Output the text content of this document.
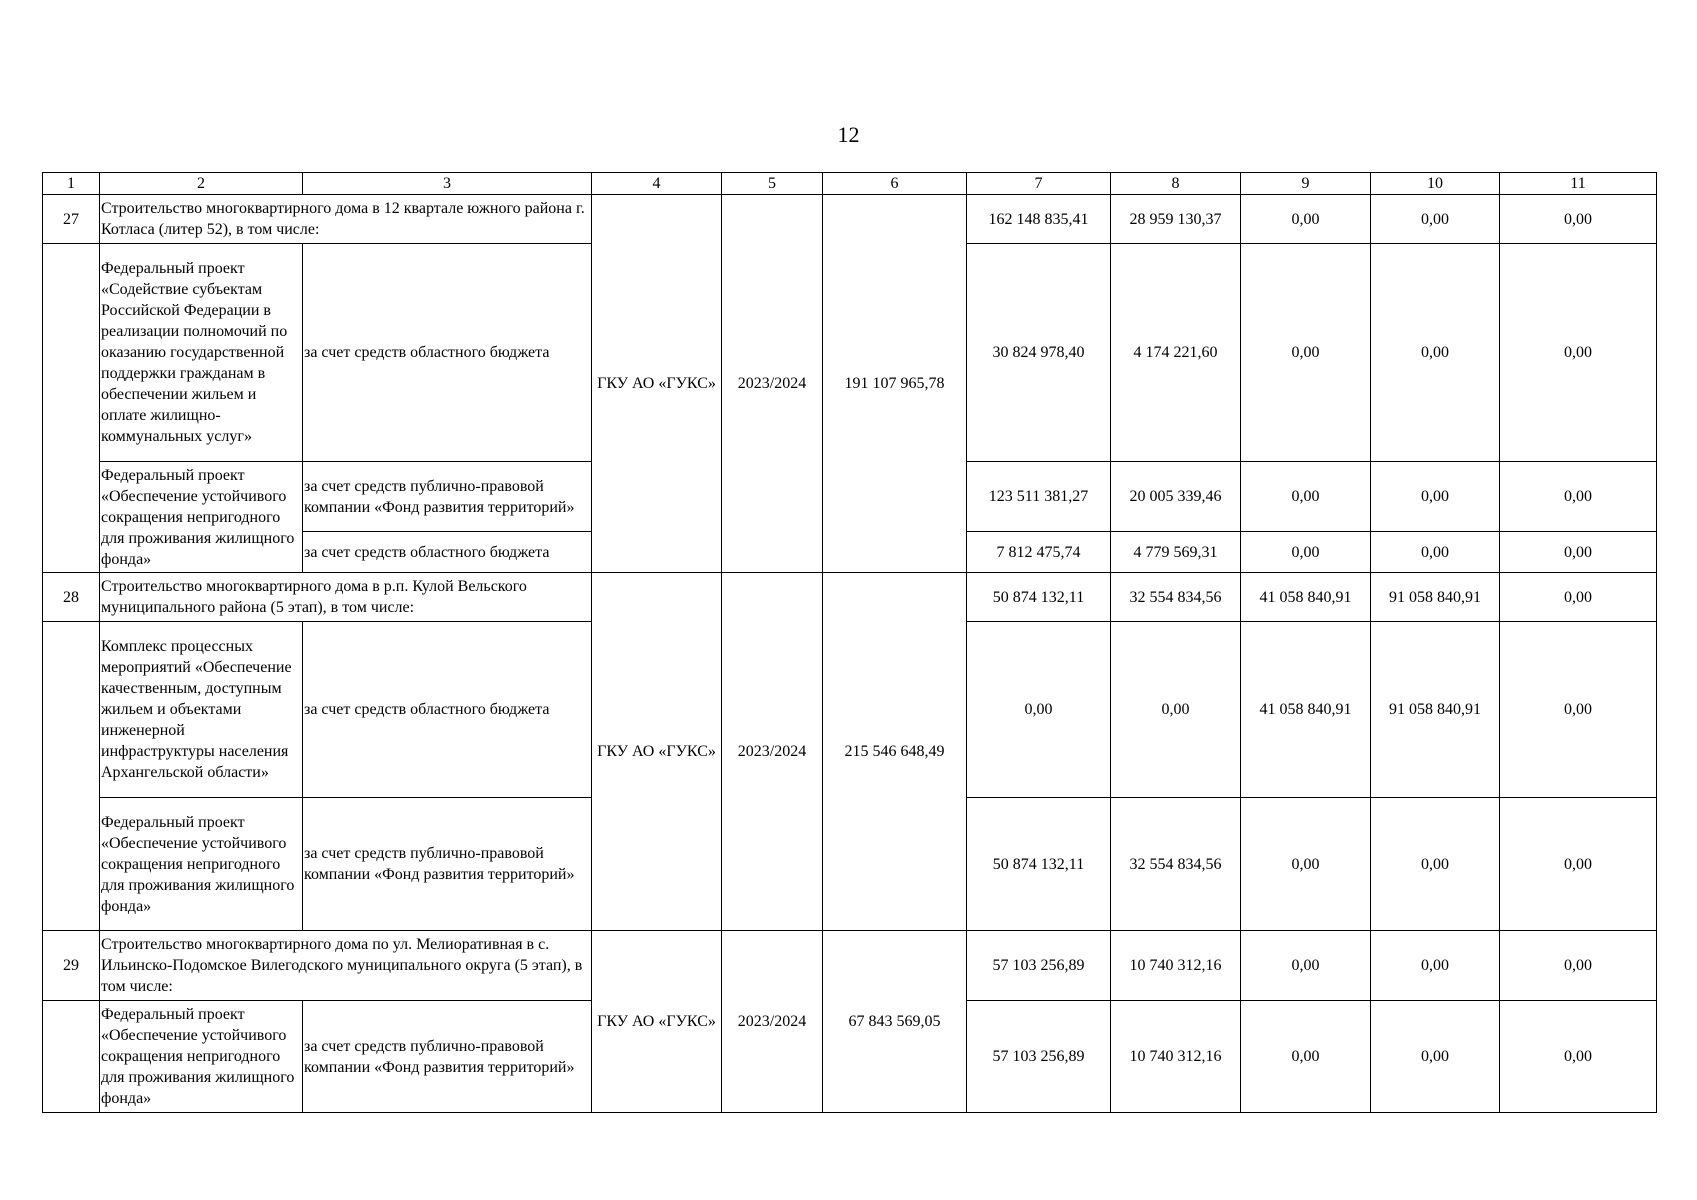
12
1	2	3	4	5	6	7	8	9	10	11
27	Строительство многоквартирного дома в 12 квартале южного района г. Котласа (литер 52), в том числе:		ГКУ АО «ГУКС»	2023/2024	191 107 965,78	162 148 835,41	28 959 130,37	0,00	0,00	0,00
	Федеральный проект «Содействие субъектам Российской Федерации в реализации полномочий по оказанию государственной поддержки гражданам в обеспечении жильем и оплате жилищно-коммунальных услуг»	за счет средств областного бюджета				30 824 978,40	4 174 221,60	0,00	0,00	0,00
	Федеральный проект «Обеспечение устойчивого сокращения непригодного для проживания жилищного фонда»	за счет средств публично-правовой компании «Фонд развития территорий»				123 511 381,27	20 005 339,46	0,00	0,00	0,00
		за счет средств областного бюджета				7 812 475,74	4 779 569,31	0,00	0,00	0,00
28	Строительство многоквартирного дома в р.п. Кулой Вельского муниципального района (5 этап), в том числе:		ГКУ АО «ГУКС»	2023/2024	215 546 648,49	50 874 132,11	32 554 834,56	41 058 840,91	91 058 840,91	0,00
	Комплекс процессных мероприятий «Обеспечение качественным, доступным жильем и объектами инженерной инфраструктуры населения Архангельской области»	за счет средств областного бюджета				0,00	0,00	41 058 840,91	91 058 840,91	0,00
	Федеральный проект «Обеспечение устойчивого сокращения непригодного для проживания жилищного фонда»	за счет средств публично-правовой компании «Фонд развития территорий»				50 874 132,11	32 554 834,56	0,00	0,00	0,00
29	Строительство многоквартирного дома по ул. Мелиоративная в с. Ильинско-Подомское Вилегодского муниципального округа (5 этап), в том числе:		ГКУ АО «ГУКС»	2023/2024	67 843 569,05	57 103 256,89	10 740 312,16	0,00	0,00	0,00
	Федеральный проект «Обеспечение устойчивого сокращения непригодного для проживания жилищного фонда»	за счет средств публично-правовой компании «Фонд развития территорий»				57 103 256,89	10 740 312,16	0,00	0,00	0,00
